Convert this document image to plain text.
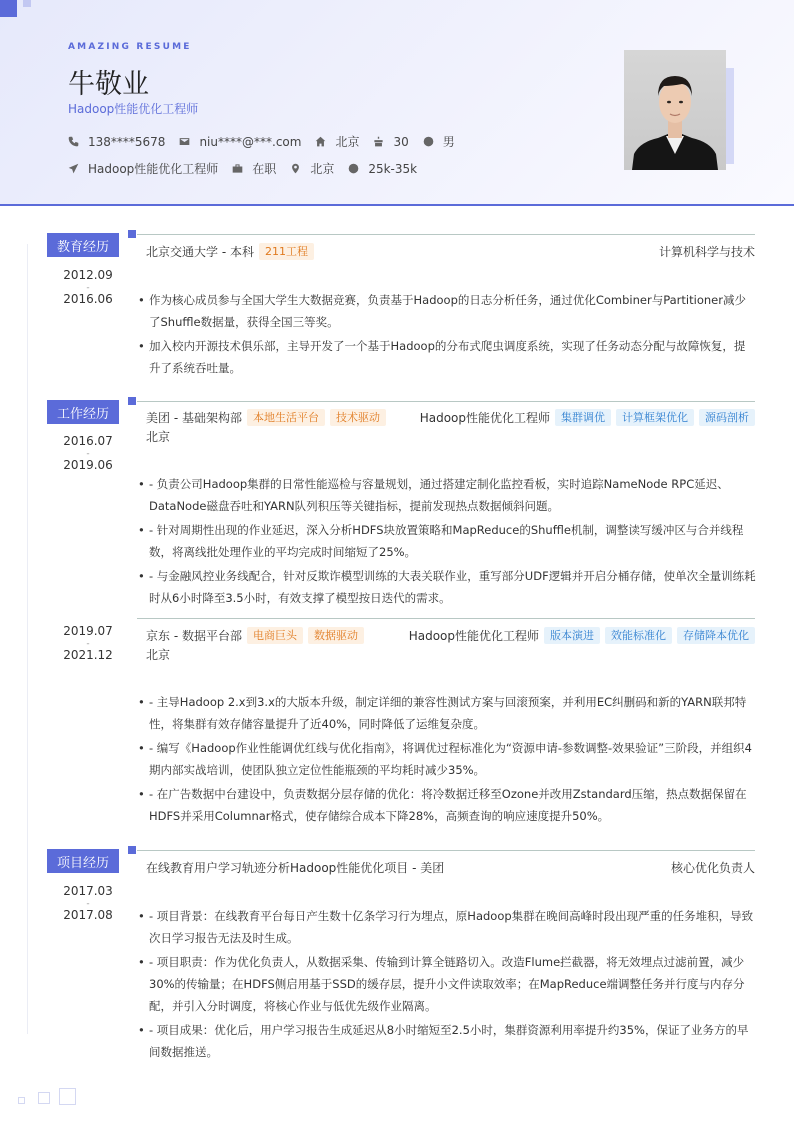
AMAZING RESUME
牛敬业
Hadoop性能优化工程师
138****5678	niu****@***.com	北京	30	男
Hadoop性能优化工程师	在职	北京	25k-35k
教育经历	北京交通大学 - 本科	211工程	计算机科学与技术
2012.09
-
2016.06	• 作为核心成员参与全国大学生大数据竞赛，负责基于Hadoop的日志分析任务，通过优化Combiner与Partitioner减少了Shuffle数据量，获得全国三等奖。
• 加入校内开源技术俱乐部，主导开发了一个基于Hadoop的分布式爬虫调度系统，实现了任务动态分配与故障恢复，提升了系统吞吐量。
工作经历	美团 - 基础架构部	本地生活平台	技术驱动	Hadoop性能优化工程师	集群调优	计算框架优化	源码剖析
北京
2016.07
-
2019.06
• - 负责公司Hadoop集群的日常性能巡检与容量规划，通过搭建定制化监控看板，实时追踪NameNode RPC延迟、DataNode磁盘吞吐和YARN队列积压等关键指标，提前发现热点数据倾斜问题。
• - 针对周期性出现的作业延迟，深入分析HDFS块放置策略和MapReduce的Shuffle机制，调整读写缓冲区与合并线程数，将离线批处理作业的平均完成时间缩短了25%。
• - 与金融风控业务线配合，针对反欺诈模型训练的大表关联作业，重写部分UDF逻辑并开启分桶存储，使单次全量训练耗时从6小时降至3.5小时，有效支撑了模型按日迭代的需求。
京东 - 数据平台部	电商巨头	数据驱动	Hadoop性能优化工程师	版本演进	效能标准化	存储降本优化
北京
2019.07
-
2021.12
• - 主导Hadoop 2.x到3.x的大版本升级，制定详细的兼容性测试方案与回滚预案，并利用EC纠删码和新的YARN联邦特性，将集群有效存储容量提升了近40%，同时降低了运维复杂度。
• - 编写《Hadoop作业性能调优红线与优化指南》，将调优过程标准化为“资源申请-参数调整-效果验证”三阶段，并组织4期内部实战培训，使团队独立定位性能瓶颈的平均耗时减少35%。
• - 在广告数据中台建设中，负责数据分层存储的优化：将冷数据迁移至Ozone并改用Zstandard压缩，热点数据保留在HDFS并采用Columnar格式，使存储综合成本下降28%，高频查询的响应速度提升50%。
项目经历	在线教育用户学习轨迹分析Hadoop性能优化项目 - 美团	核心优化负责人
2017.03
-
2017.08	• - 项目背景：在线教育平台每日产生数十亿条学习行为埋点，原Hadoop集群在晚间高峰时段出现严重的任务堆积，导致次日学习报告无法及时生成。
• - 项目职责：作为优化负责人，从数据采集、传输到计算全链路切入。改造Flume拦截器，将无效埋点过滤前置，减少30%的传输量；在HDFS侧启用基于SSD的缓存层，提升小文件读取效率；在MapReduce端调整任务并行度与内存分配，并引入分时调度，将核心作业与低优先级作业隔离。
• - 项目成果：优化后，用户学习报告生成延迟从8小时缩短至2.5小时，集群资源利用率提升约35%，保证了业务方的早间数据推送。
